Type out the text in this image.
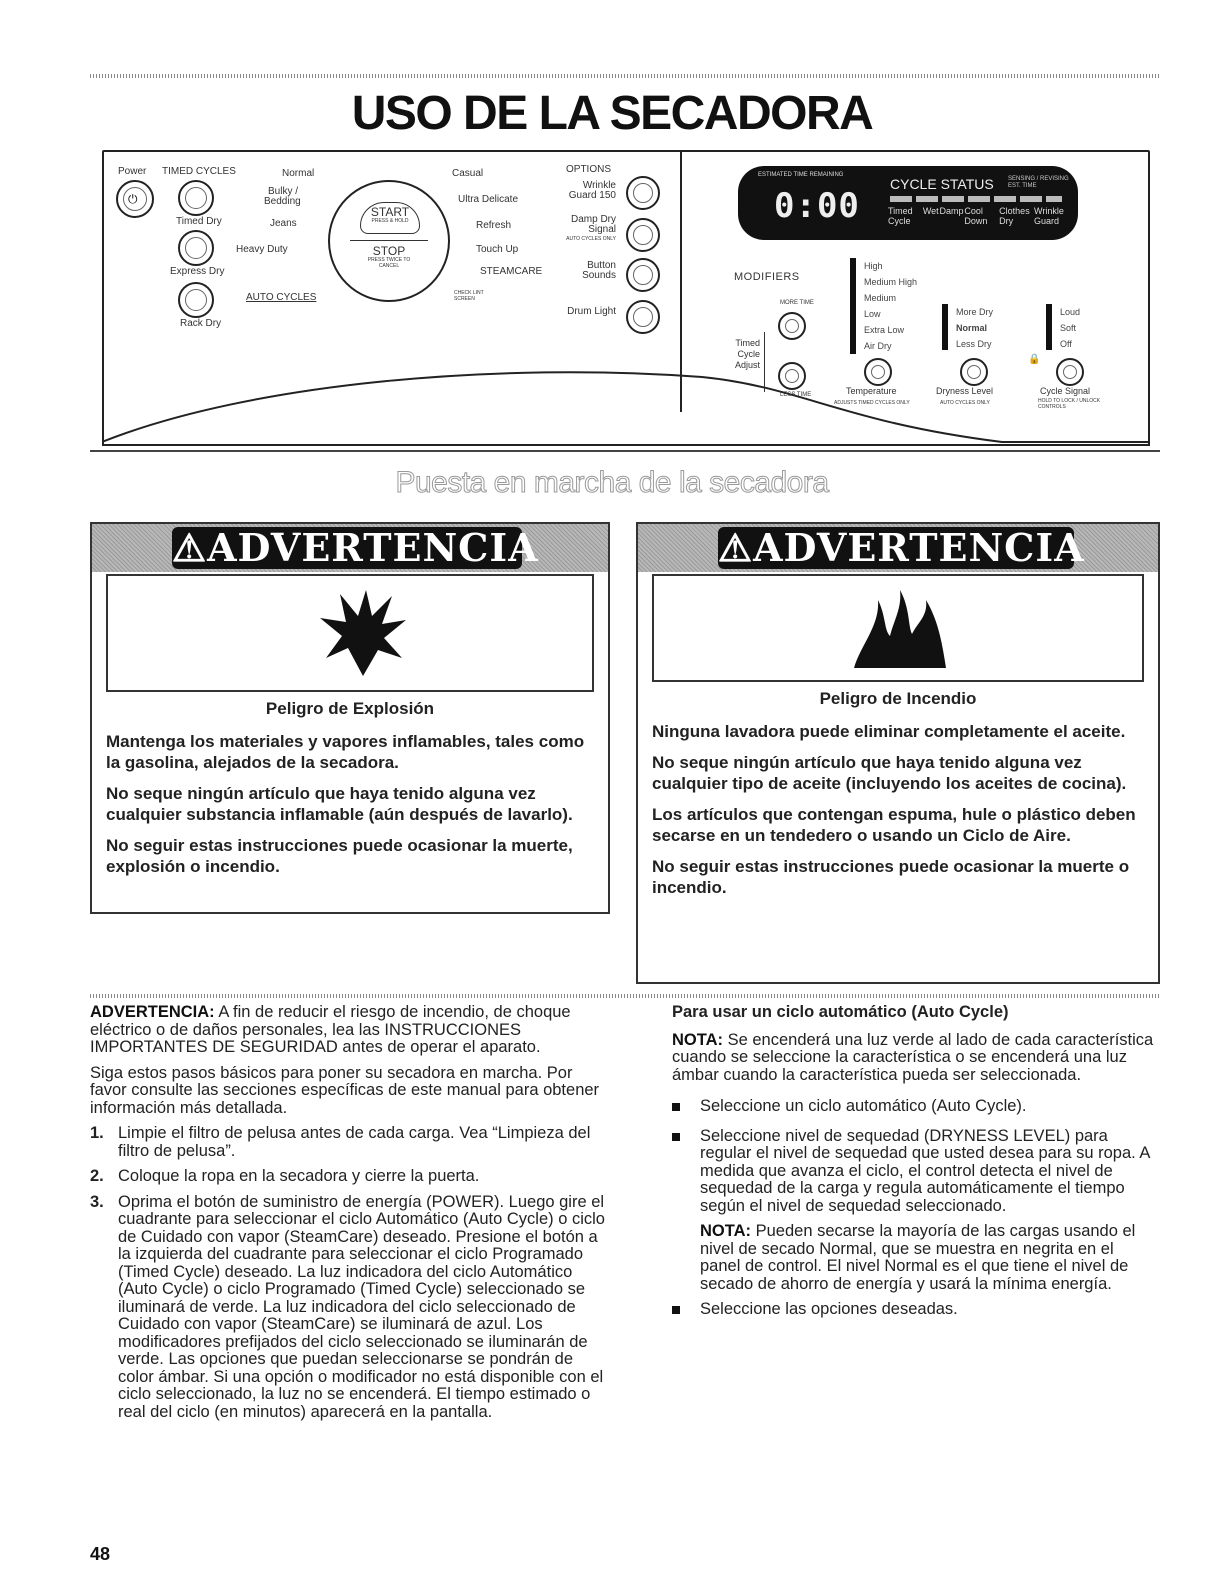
USO DE LA SECADORA
Power
⏻
TIMED CYCLES
Timed Dry
Express Dry
Rack Dry
Normal
Bulky /
Bedding
Jeans
Heavy Duty
AUTO CYCLES
Casual
Ultra Delicate
Refresh
Touch Up
STEAMCARE
START
PRESS & HOLD
STOP
PRESS TWICE TO CANCEL
CHECK LINT SCREEN
OPTIONS
Wrinkle
Guard 150
Damp Dry
Signal
AUTO CYCLES ONLY
Button
Sounds
Drum Light
ESTIMATED TIME REMAINING
0:00
CYCLE STATUS SENSING / REVISING EST. TIME
Timed Cycle
Wet Damp Cool Down
Clothes Dry
Wrinkle Guard
MODIFIERS
MORE TIME
Timed
Cycle
Adjust
LESS TIME
High
Medium High
Medium
Low
Extra Low
Air Dry
Temperature
ADJUSTS TIMED CYCLES ONLY
More Dry
Normal
Less Dry
Dryness Level
AUTO CYCLES ONLY
Loud
Soft
Off
🔒
Cycle Signal
HOLD TO LOCK / UNLOCK CONTROLS
Puesta en marcha de la secadora
⚠ADVERTENCIA

Peligro de Explosión

Mantenga los materiales y vapores inflamables, tales como la gasolina, alejados de la secadora.

No seque ningún artículo que haya tenido alguna vez cualquier substancia inflamable (aún después de lavarlo).

No seguir estas instrucciones puede ocasionar la muerte, explosión o incendio.

⚠ADVERTENCIA

Peligro de Incendio

Ninguna lavadora puede eliminar completamente el aceite.

No seque ningún artículo que haya tenido alguna vez cualquier tipo de aceite (incluyendo los aceites de cocina).

Los artículos que contengan espuma, hule o plástico deben secarse en un tendedero o usando un Ciclo de Aire.

No seguir estas instrucciones puede ocasionar la muerte o incendio.

ADVERTENCIA: A fin de reducir el riesgo de incendio, de choque eléctrico o de daños personales, lea las INSTRUCCIONES IMPORTANTES DE SEGURIDAD antes de operar el aparato.

Siga estos pasos básicos para poner su secadora en marcha. Por favor consulte las secciones específicas de este manual para obtener información más detallada.

1. Limpie el filtro de pelusa antes de cada carga. Vea “Limpieza del filtro de pelusa”.
2. Coloque la ropa en la secadora y cierre la puerta.
3. Oprima el botón de suministro de energía (POWER). Luego gire el cuadrante para seleccionar el ciclo Automático (Auto Cycle) o ciclo de Cuidado con vapor (SteamCare) deseado. Presione el botón a la izquierda del cuadrante para seleccionar el ciclo Programado (Timed Cycle) deseado. La luz indicadora del ciclo Automático (Auto Cycle) o ciclo Programado (Timed Cycle) seleccionado se iluminará de verde. La luz indicadora del ciclo seleccionado de Cuidado con vapor (SteamCare) se iluminará de azul. Los modificadores prefijados del ciclo seleccionado se iluminarán de verde. Las opciones que puedan seleccionarse se pondrán de color ámbar. Si una opción o modificador no está disponible con el ciclo seleccionado, la luz no se encenderá. El tiempo estimado o real del ciclo (en minutos) aparecerá en la pantalla.

Para usar un ciclo automático (Auto Cycle)

NOTA: Se encenderá una luz verde al lado de cada característica cuando se seleccione la característica o se encenderá una luz ámbar cuando la característica pueda ser seleccionada.

Seleccione un ciclo automático (Auto Cycle).
Seleccione nivel de sequedad (DRYNESS LEVEL) para regular el nivel de sequedad que usted desea para su ropa. A medida que avanza el ciclo, el control detecta el nivel de sequedad de la carga y regula automáticamente el tiempo según el nivel de sequedad seleccionado.

NOTA: Pueden secarse la mayoría de las cargas usando el nivel de secado Normal, que se muestra en negrita en el panel de control. El nivel Normal es el que tiene el nivel de secado de ahorro de energía y usará la mínima energía.

Seleccione las opciones deseadas.
48
